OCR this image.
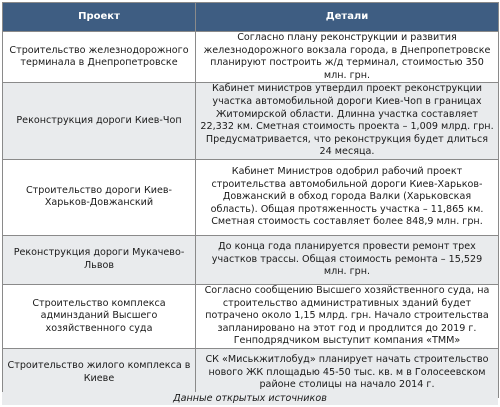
Проект	Детали
Строительство железнодорожного терминала в Днепропетровске	Согласно плану реконструкции и развития железнодорожного вокзала города, в Днепропетровске планируют построить ж/д терминал, стоимостью 350 млн. грн.
Реконструкция дороги Киев-Чоп	Кабинет министров утвердил проект реконструкции участка автомобильной дороги Киев-Чоп в границах Житомирской области. Длинна участка составляет 22,332 км. Сметная стоимость проекта – 1,009 млрд. грн. Предусматривается, что реконструкция будет длиться 24 месяца.
Строительство дороги Киев-Харьков-Довжанский	Кабинет Министров одобрил рабочий проект строительства автомобильной дороги Киев-Харьков-Довжанский в обход города Валки (Харьковская область). Общая протяженность участка – 11,865 км. Сметная стоимость составляет более 848,9 млн. грн.
Реконструкция дороги Мукачево-Львов	До конца года планируется провести ремонт трех участков трассы. Общая стоимость ремонта – 15,529 млн. грн.
Строительство комплекса админзданий Высшего хозяйственного суда	Согласно сообщению Высшего хозяйственного суда, на строительство административных зданий будет потрачено около 1,15 млрд. грн. Начало строительства запланировано на этот год и продлится до 2019 г. Генподрядчиком выступит компания «ТММ»
Строительство жилого комплекса в Киеве	СК «Миськжитлобуд» планирует начать строительство нового ЖК площадью 45-50 тыс. кв. м в Голосеевском районе столицы на начало 2014 г.
Данные открытых источников
